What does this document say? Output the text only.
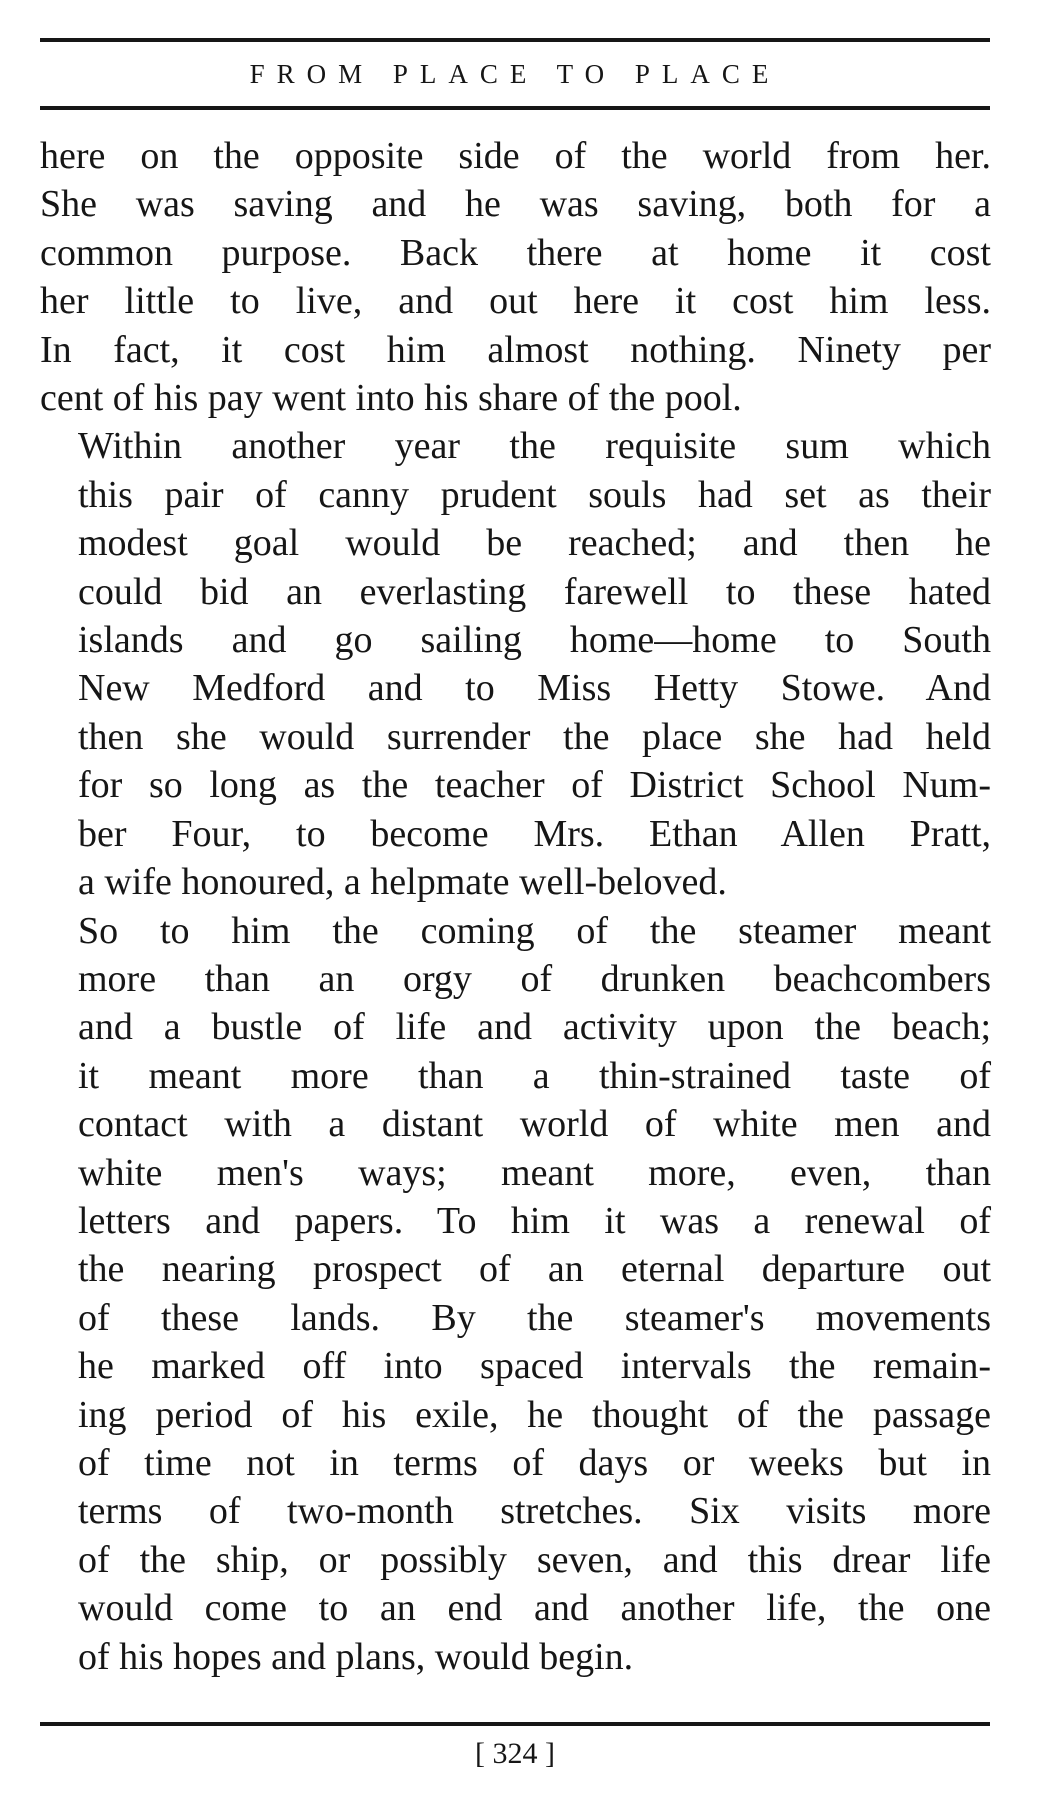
FROM PLACE TO PLACE

here on the opposite side of the world from her.
She was saving and he was saving, both for a
common purpose. Back there at home it cost
her little to live, and out here it cost him less.
In fact, it cost him almost nothing. Ninety per
cent of his pay went into his share of the pool.

Within another year the requisite sum which
this pair of canny prudent souls had set as their
modest goal would be reached; and then he
could bid an everlasting farewell to these hated
islands and go sailing home—home to South
New Medford and to Miss Hetty Stowe. And
then she would surrender the place she had held
for so long as the teacher of District School Num-
ber Four, to become Mrs. Ethan Allen Pratt,
a wife honoured, a helpmate well-beloved.

So to him the coming of the steamer meant
more than an orgy of drunken beachcombers
and a bustle of life and activity upon the beach;
it meant more than a thin-strained taste of
contact with a distant world of white men and
white men's ways; meant more, even, than
letters and papers. To him it was a renewal of
the nearing prospect of an eternal departure out
of these lands. By the steamer's movements
he marked off into spaced intervals the remain-
ing period of his exile, he thought of the passage
of time not in terms of days or weeks but in
terms of two-month stretches. Six visits more
of the ship, or possibly seven, and this drear life
would come to an end and another life, the one
of his hopes and plans, would begin.

[ 324 ]
